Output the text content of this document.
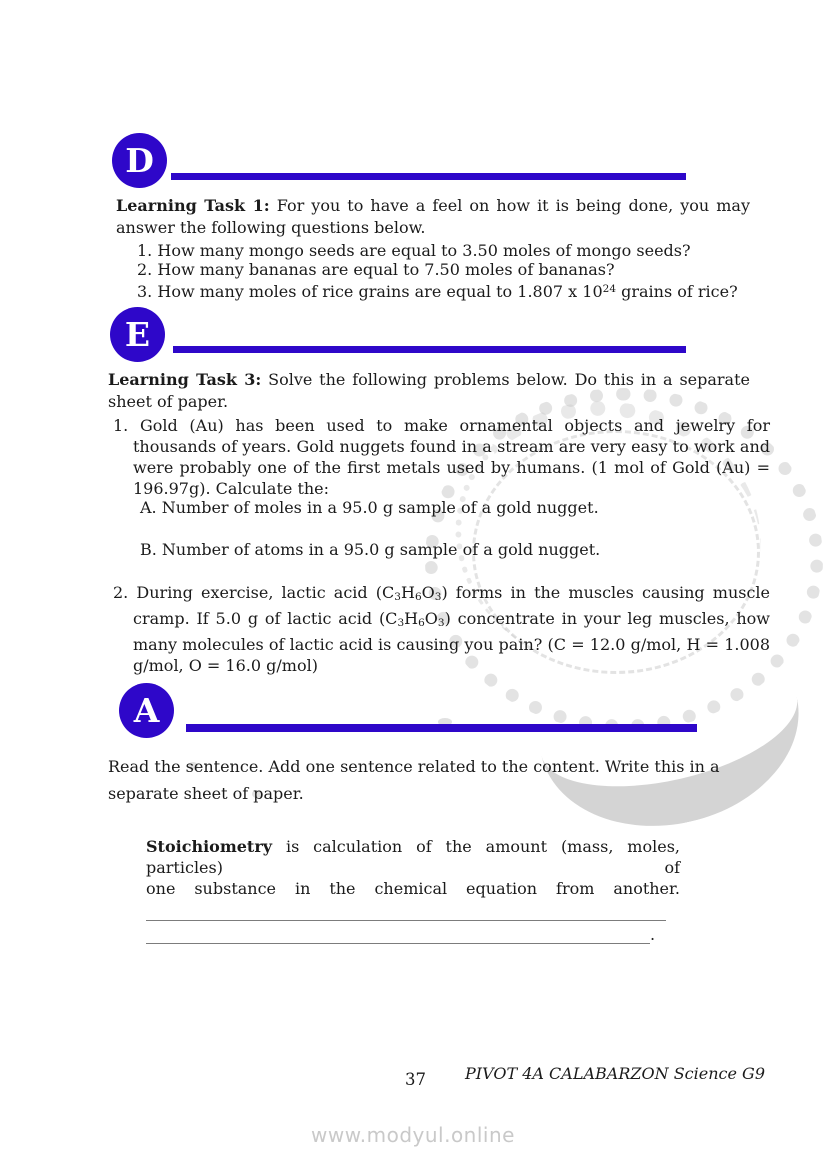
D
Learning Task 1: For you to have a feel on how it is being done, you may answer the following questions below.
1. How many mongo seeds are equal to 3.50 moles of mongo seeds?
2. How many bananas are equal to 7.50 moles of bananas?
3. How many moles of rice grains are equal to 1.807 x $10^{24}$ grains of rice?
E
Learning Task 3: Solve the following problems below. Do this in a separate sheet of paper.
1. Gold (Au) has been used to make ornamental objects and jewelry for thousands of years. Gold nuggets found in a stream are very easy to work and were probably one of the first metals used by humans. (1 mol of Gold (Au) = 196.97g). Calculate the:
A. Number of moles in a 95.0 g sample of a gold nugget.
B. Number of atoms in a 95.0 g sample of a gold nugget.
2. During exercise, lactic acid $(C_3H_6O_3)$ forms in the muscles causing muscle cramp. If 5.0 g of lactic acid $(C_3H_6O_3)$ concentrate in your leg muscles, how many molecules of lactic acid is causing you pain? (C = 12.0 g/mol, H = 1.008 g/mol, O = 16.0 g/mol)
A
Read the sentence. Add one sentence related to the content. Write this in a separate sheet of paper.
Stoichiometry is calculation of the amount (mass, moles, particles) of
one substance in the chemical equation from another.
_________________________________________________________________
_______________________________________________________________.
37 PIVOT 4A CALABARZON Science G9
www.modyul.online
